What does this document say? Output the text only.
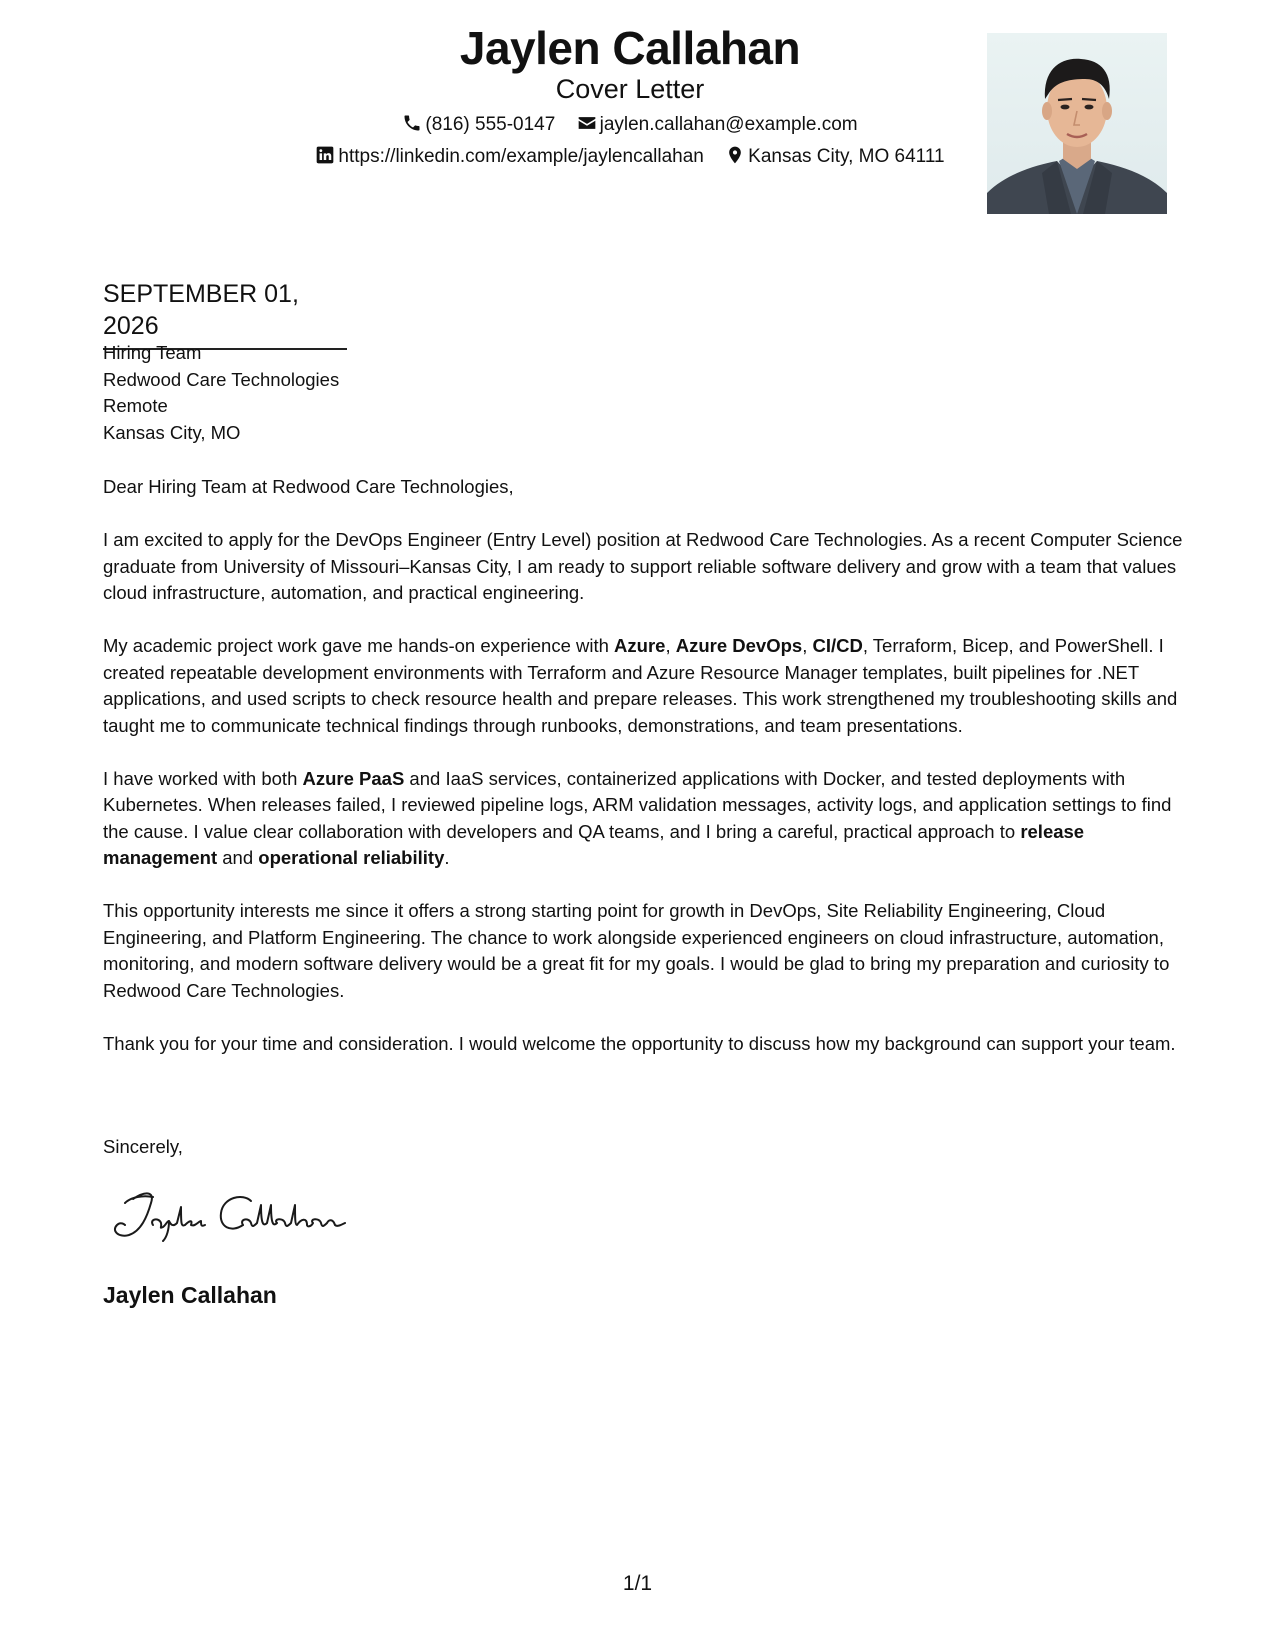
Jaylen Callahan
Cover Letter
(816) 555-0147 jaylen.callahan@example.com
https://linkedin.com/example/jaylencallahan Kansas City, MO 64111
SEPTEMBER 01, 2026
Hiring Team
Redwood Care Technologies
Remote
Kansas City, MO

Dear Hiring Team at Redwood Care Technologies,

I am excited to apply for the DevOps Engineer (Entry Level) position at Redwood Care Technologies. As a recent Computer Science graduate from University of Missouri–Kansas City, I am ready to support reliable software delivery and grow with a team that values cloud infrastructure, automation, and practical engineering.

My academic project work gave me hands-on experience with Azure, Azure DevOps, CI/CD, Terraform, Bicep, and PowerShell. I created repeatable development environments with Terraform and Azure Resource Manager templates, built pipelines for .NET applications, and used scripts to check resource health and prepare releases. This work strengthened my troubleshooting skills and taught me to communicate technical findings through runbooks, demonstrations, and team presentations.

I have worked with both Azure PaaS and IaaS services, containerized applications with Docker, and tested deployments with Kubernetes. When releases failed, I reviewed pipeline logs, ARM validation messages, activity logs, and application settings to find the cause. I value clear collaboration with developers and QA teams, and I bring a careful, practical approach to release management and operational reliability.

This opportunity interests me since it offers a strong starting point for growth in DevOps, Site Reliability Engineering, Cloud Engineering, and Platform Engineering. The chance to work alongside experienced engineers on cloud infrastructure, automation, monitoring, and modern software delivery would be a great fit for my goals. I would be glad to bring my preparation and curiosity to Redwood Care Technologies.

Thank you for your time and consideration. I would welcome the opportunity to discuss how my background can support your team.

Sincerely,
Jaylen Callahan
1/1
